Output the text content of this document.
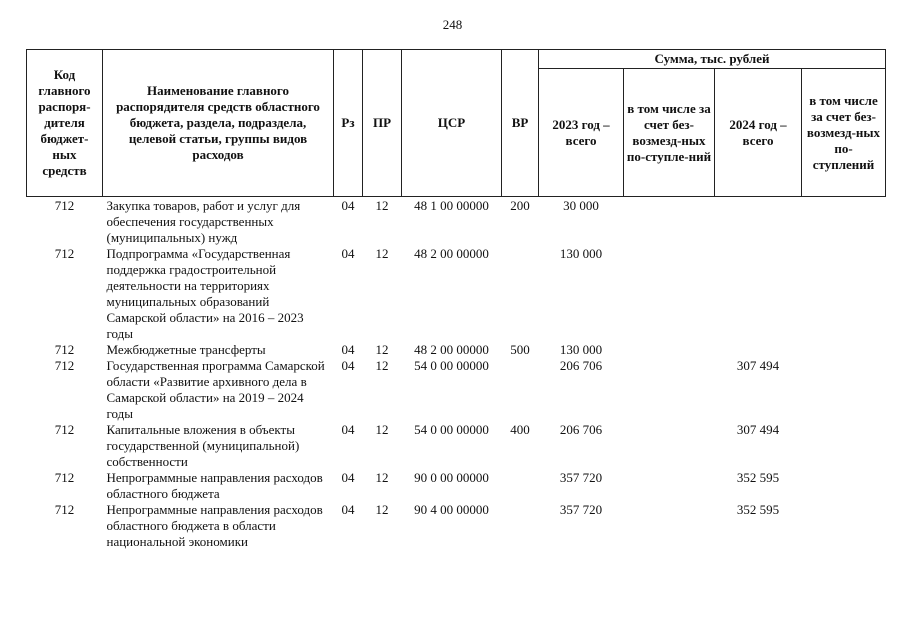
248
Код главного распоря-дителя бюджет-ных средств	Наименование главного распорядителя средств областного бюджета, раздела, подраздела, целевой статьи, группы видов расходов	Рз	ПР	ЦСР	ВР	Сумма, тыс. рублей			
						2023 год – всего	в том числе за счет без-возмезд-ных по-ступле-ний	2024 год – всего	в том числе за счет без-возмезд-ных по-ступлений
712	Закупка товаров, работ и услуг для обеспечения государственных (муниципальных) нужд	04	12	48 1 00 00000	200	30 000			
712	Подпрограмма «Государственная поддержка градостроительной деятельности на территориях муниципальных образований Самарской области» на 2016 – 2023 годы	04	12	48 2 00 00000		130 000			
712	Межбюджетные трансферты	04	12	48 2 00 00000	500	130 000			
712	Государственная программа Самарской области «Развитие архивного дела в Самарской области» на 2019 – 2024 годы	04	12	54 0 00 00000		206 706		307 494	
712	Капитальные вложения в объекты государственной (муниципальной) собственности	04	12	54 0 00 00000	400	206 706		307 494	
712	Непрограммные направления расходов областного бюджета	04	12	90 0 00 00000		357 720		352 595	
712	Непрограммные направления расходов областного бюджета в области национальной экономики	04	12	90 4 00 00000		357 720		352 595	
